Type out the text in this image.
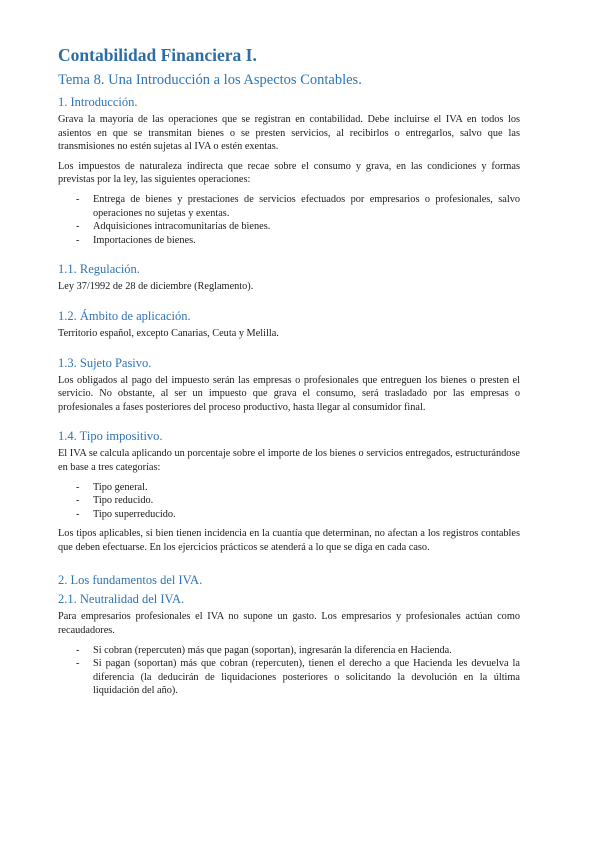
Contabilidad Financiera I.
Tema 8. Una Introducción a los Aspectos Contables.
1. Introducción.

Grava la mayoría de las operaciones que se registran en contabilidad. Debe incluirse el IVA en todos los asientos en que se transmitan bienes o se presten servicios, al recibirlos o entregarlos, salvo que las transmisiones no estén sujetas al IVA o estén exentas.

Los impuestos de naturaleza indirecta que recae sobre el consumo y grava, en las condiciones y formas previstas por la ley, las siguientes operaciones:

- Entrega de bienes y prestaciones de servicios efectuados por empresarios o profesionales, salvo operaciones no sujetas y exentas.
- Adquisiciones intracomunitarias de bienes.
- Importaciones de bienes.
1.1. Regulación.

Ley 37/1992 de 28 de diciembre (Reglamento).

1.2. Ámbito de aplicación.

Territorio español, excepto Canarias, Ceuta y Melilla.

1.3. Sujeto Pasivo.

Los obligados al pago del impuesto serán las empresas o profesionales que entreguen los bienes o presten el servicio. No obstante, al ser un impuesto que grava el consumo, será trasladado por las empresas o profesionales a fases posteriores del proceso productivo, hasta llegar al consumidor final.

1.4. Tipo impositivo.

El IVA se calcula aplicando un porcentaje sobre el importe de los bienes o servicios entregados, estructurándose en base a tres categorías:

- Tipo general.
- Tipo reducido.
- Tipo superreducido.

Los tipos aplicables, si bien tienen incidencia en la cuantía que determinan, no afectan a los registros contables que deben efectuarse. En los ejercicios prácticos se atenderá a lo que se diga en cada caso.

2. Los fundamentos del IVA.
2.1. Neutralidad del IVA.

Para empresarios profesionales el IVA no supone un gasto. Los empresarios y profesionales actúan como recaudadores.

- Si cobran (repercuten) más que pagan (soportan), ingresarán la diferencia en Hacienda.
- Si pagan (soportan) más que cobran (repercuten), tienen el derecho a que Hacienda les devuelva la diferencia (la deducirán de liquidaciones posteriores o solicitando la devolución en la última liquidación del año).
